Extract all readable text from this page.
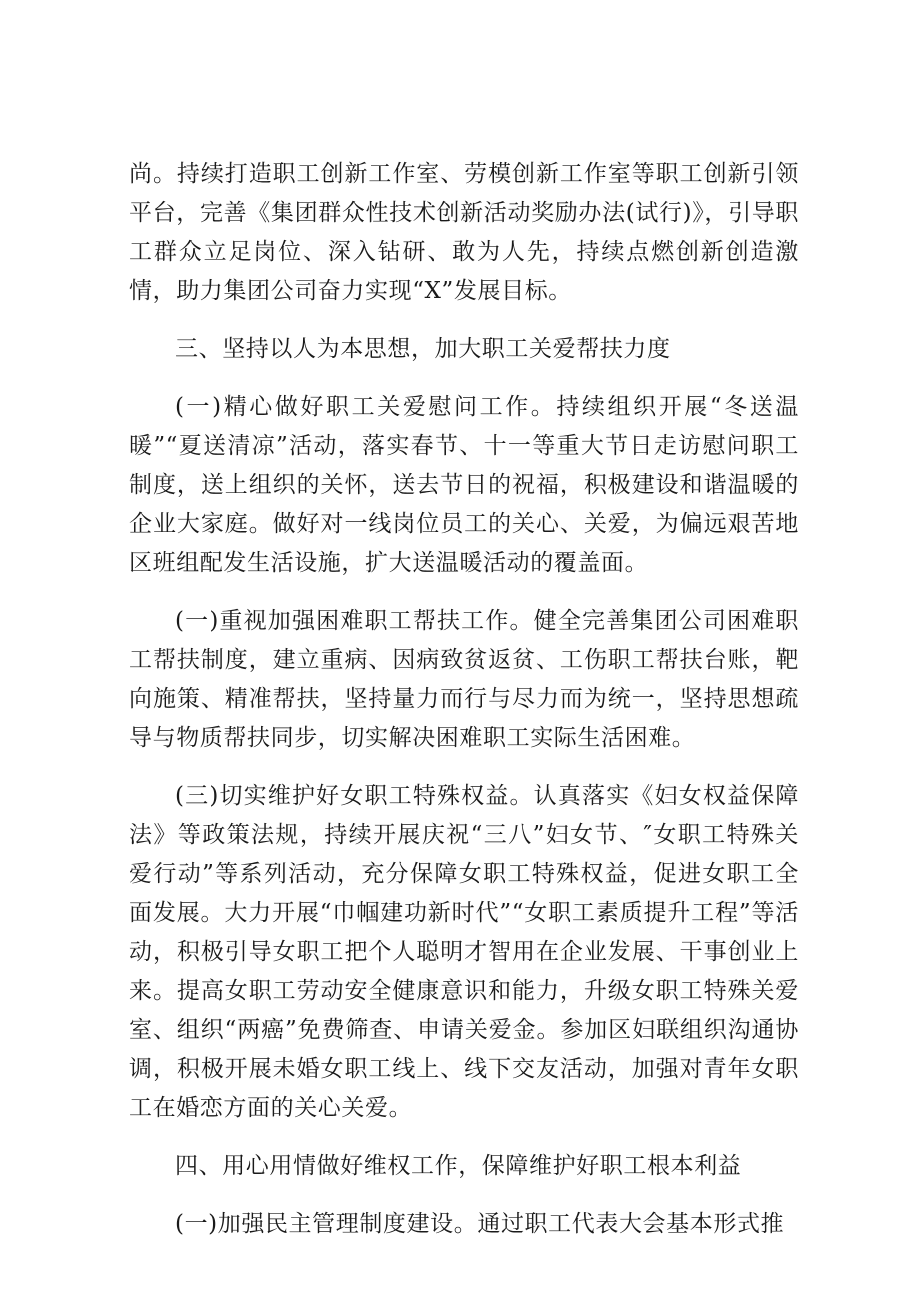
尚。持续打造职工创新工作室、劳模创新工作室等职工创新引领平台，完善《集团群众性技术创新活动奖励办法(试行)》，引导职工群众立足岗位、深入钻研、敢为人先，持续点燃创新创造激情，助力集团公司奋力实现“X”发展目标。

三、坚持以人为本思想，加大职工关爱帮扶力度

(一)精心做好职工关爱慰问工作。持续组织开展“冬送温暖”“夏送清凉”活动，落实春节、十一等重大节日走访慰问职工制度，送上组织的关怀，送去节日的祝福，积极建设和谐温暖的企业大家庭。做好对一线岗位员工的关心、关爱，为偏远艰苦地区班组配发生活设施，扩大送温暖活动的覆盖面。

(一)重视加强困难职工帮扶工作。健全完善集团公司困难职工帮扶制度，建立重病、因病致贫返贫、工伤职工帮扶台账，靶向施策、精准帮扶，坚持量力而行与尽力而为统一，坚持思想疏导与物质帮扶同步，切实解决困难职工实际生活困难。

(三)切实维护好女职工特殊权益。认真落实《妇女权益保障法》等政策法规，持续开展庆祝“三八”妇女节、″女职工特殊关爱行动”等系列活动，充分保障女职工特殊权益，促进女职工全面发展。大力开展“巾帼建功新时代”“女职工素质提升工程”等活动，积极引导女职工把个人聪明才智用在企业发展、干事创业上来。提高女职工劳动安全健康意识和能力，升级女职工特殊关爱室、组织“两癌”免费筛查、申请关爱金。参加区妇联组织沟通协调，积极开展未婚女职工线上、线下交友活动，加强对青年女职工在婚恋方面的关心关爱。

四、用心用情做好维权工作，保障维护好职工根本利益

(一)加强民主管理制度建设。通过职工代表大会基本形式推
